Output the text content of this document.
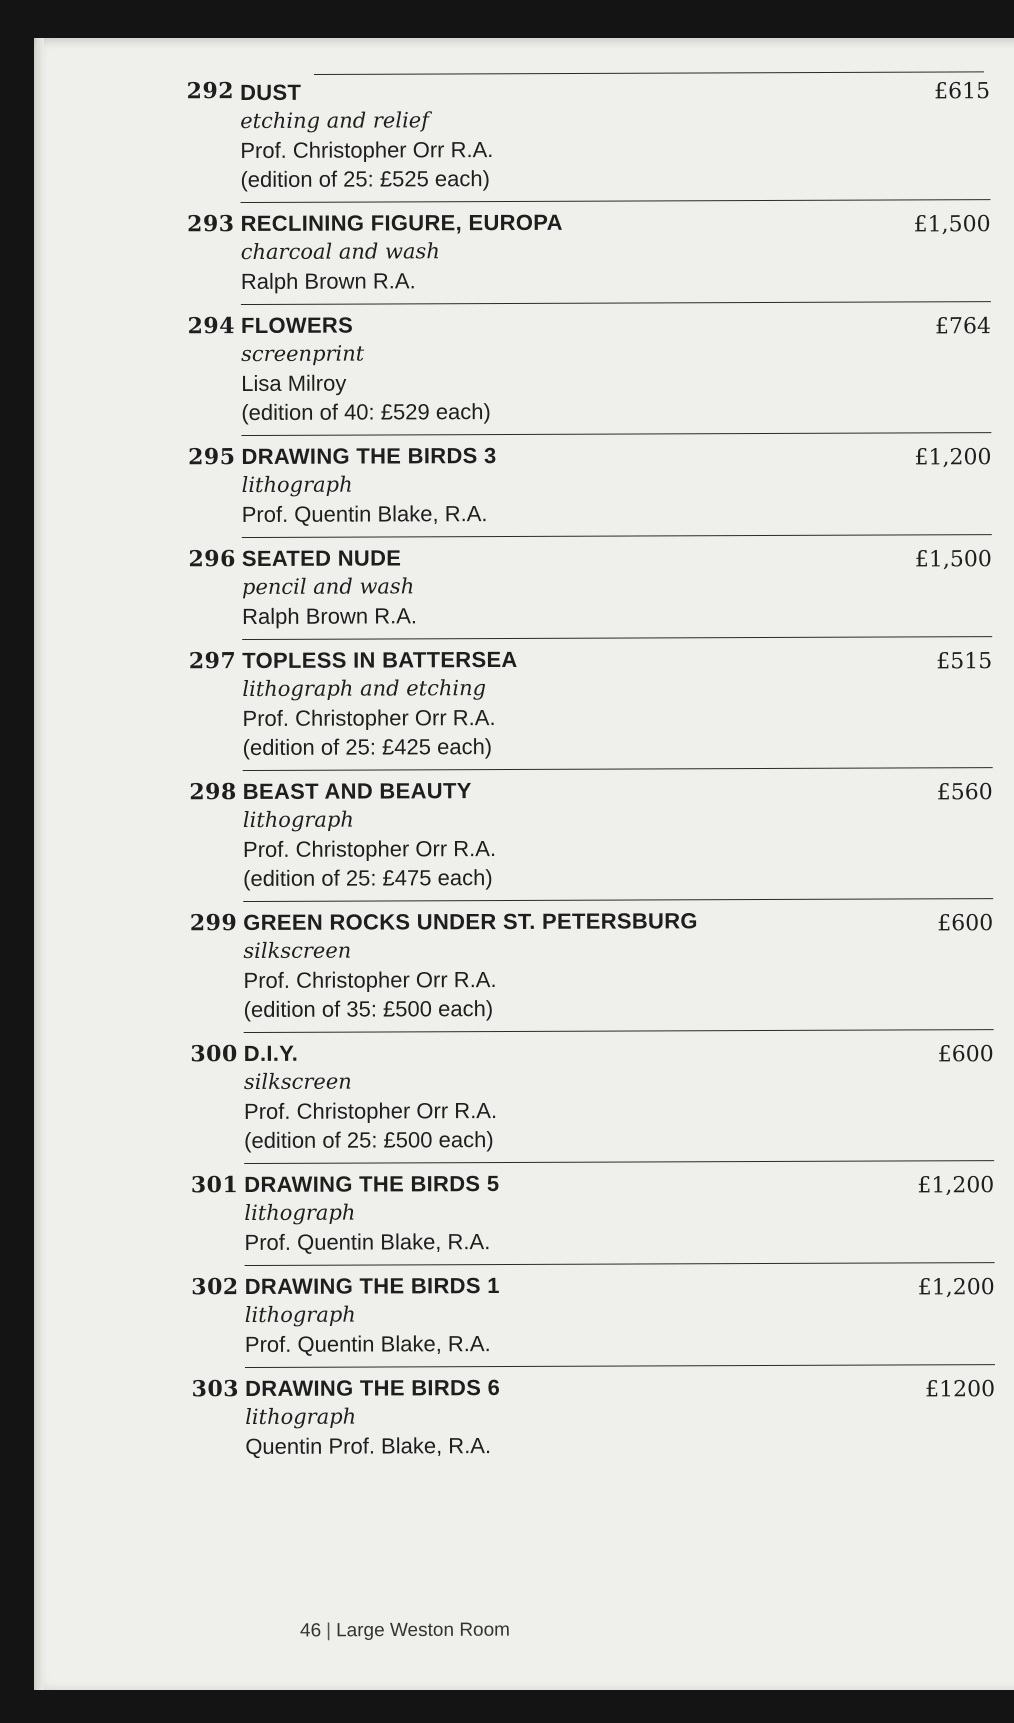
292 DUST
etching and relief
Prof. Christopher Orr R.A.
(edition of 25: £525 each)
£615
293 RECLINING FIGURE, EUROPA
charcoal and wash
Ralph Brown R.A.
£1,500
294 FLOWERS
screenprint
Lisa Milroy
(edition of 40: £529 each)
£764
295 DRAWING THE BIRDS 3
lithograph
Prof. Quentin Blake, R.A.
£1,200
296 SEATED NUDE
pencil and wash
Ralph Brown R.A.
£1,500
297 TOPLESS IN BATTERSEA
lithograph and etching
Prof. Christopher Orr R.A.
(edition of 25: £425 each)
£515
298 BEAST AND BEAUTY
lithograph
Prof. Christopher Orr R.A.
(edition of 25: £475 each)
£560
299 GREEN ROCKS UNDER ST. PETERSBURG
silkscreen
Prof. Christopher Orr R.A.
(edition of 35: £500 each)
£600
300 D.I.Y.
silkscreen
Prof. Christopher Orr R.A.
(edition of 25: £500 each)
£600
301 DRAWING THE BIRDS 5
lithograph
Prof. Quentin Blake, R.A.
£1,200
302 DRAWING THE BIRDS 1
lithograph
Prof. Quentin Blake, R.A.
£1,200
303 DRAWING THE BIRDS 6
lithograph
Quentin Prof. Blake, R.A.
£1200
46 | Large Weston Room
